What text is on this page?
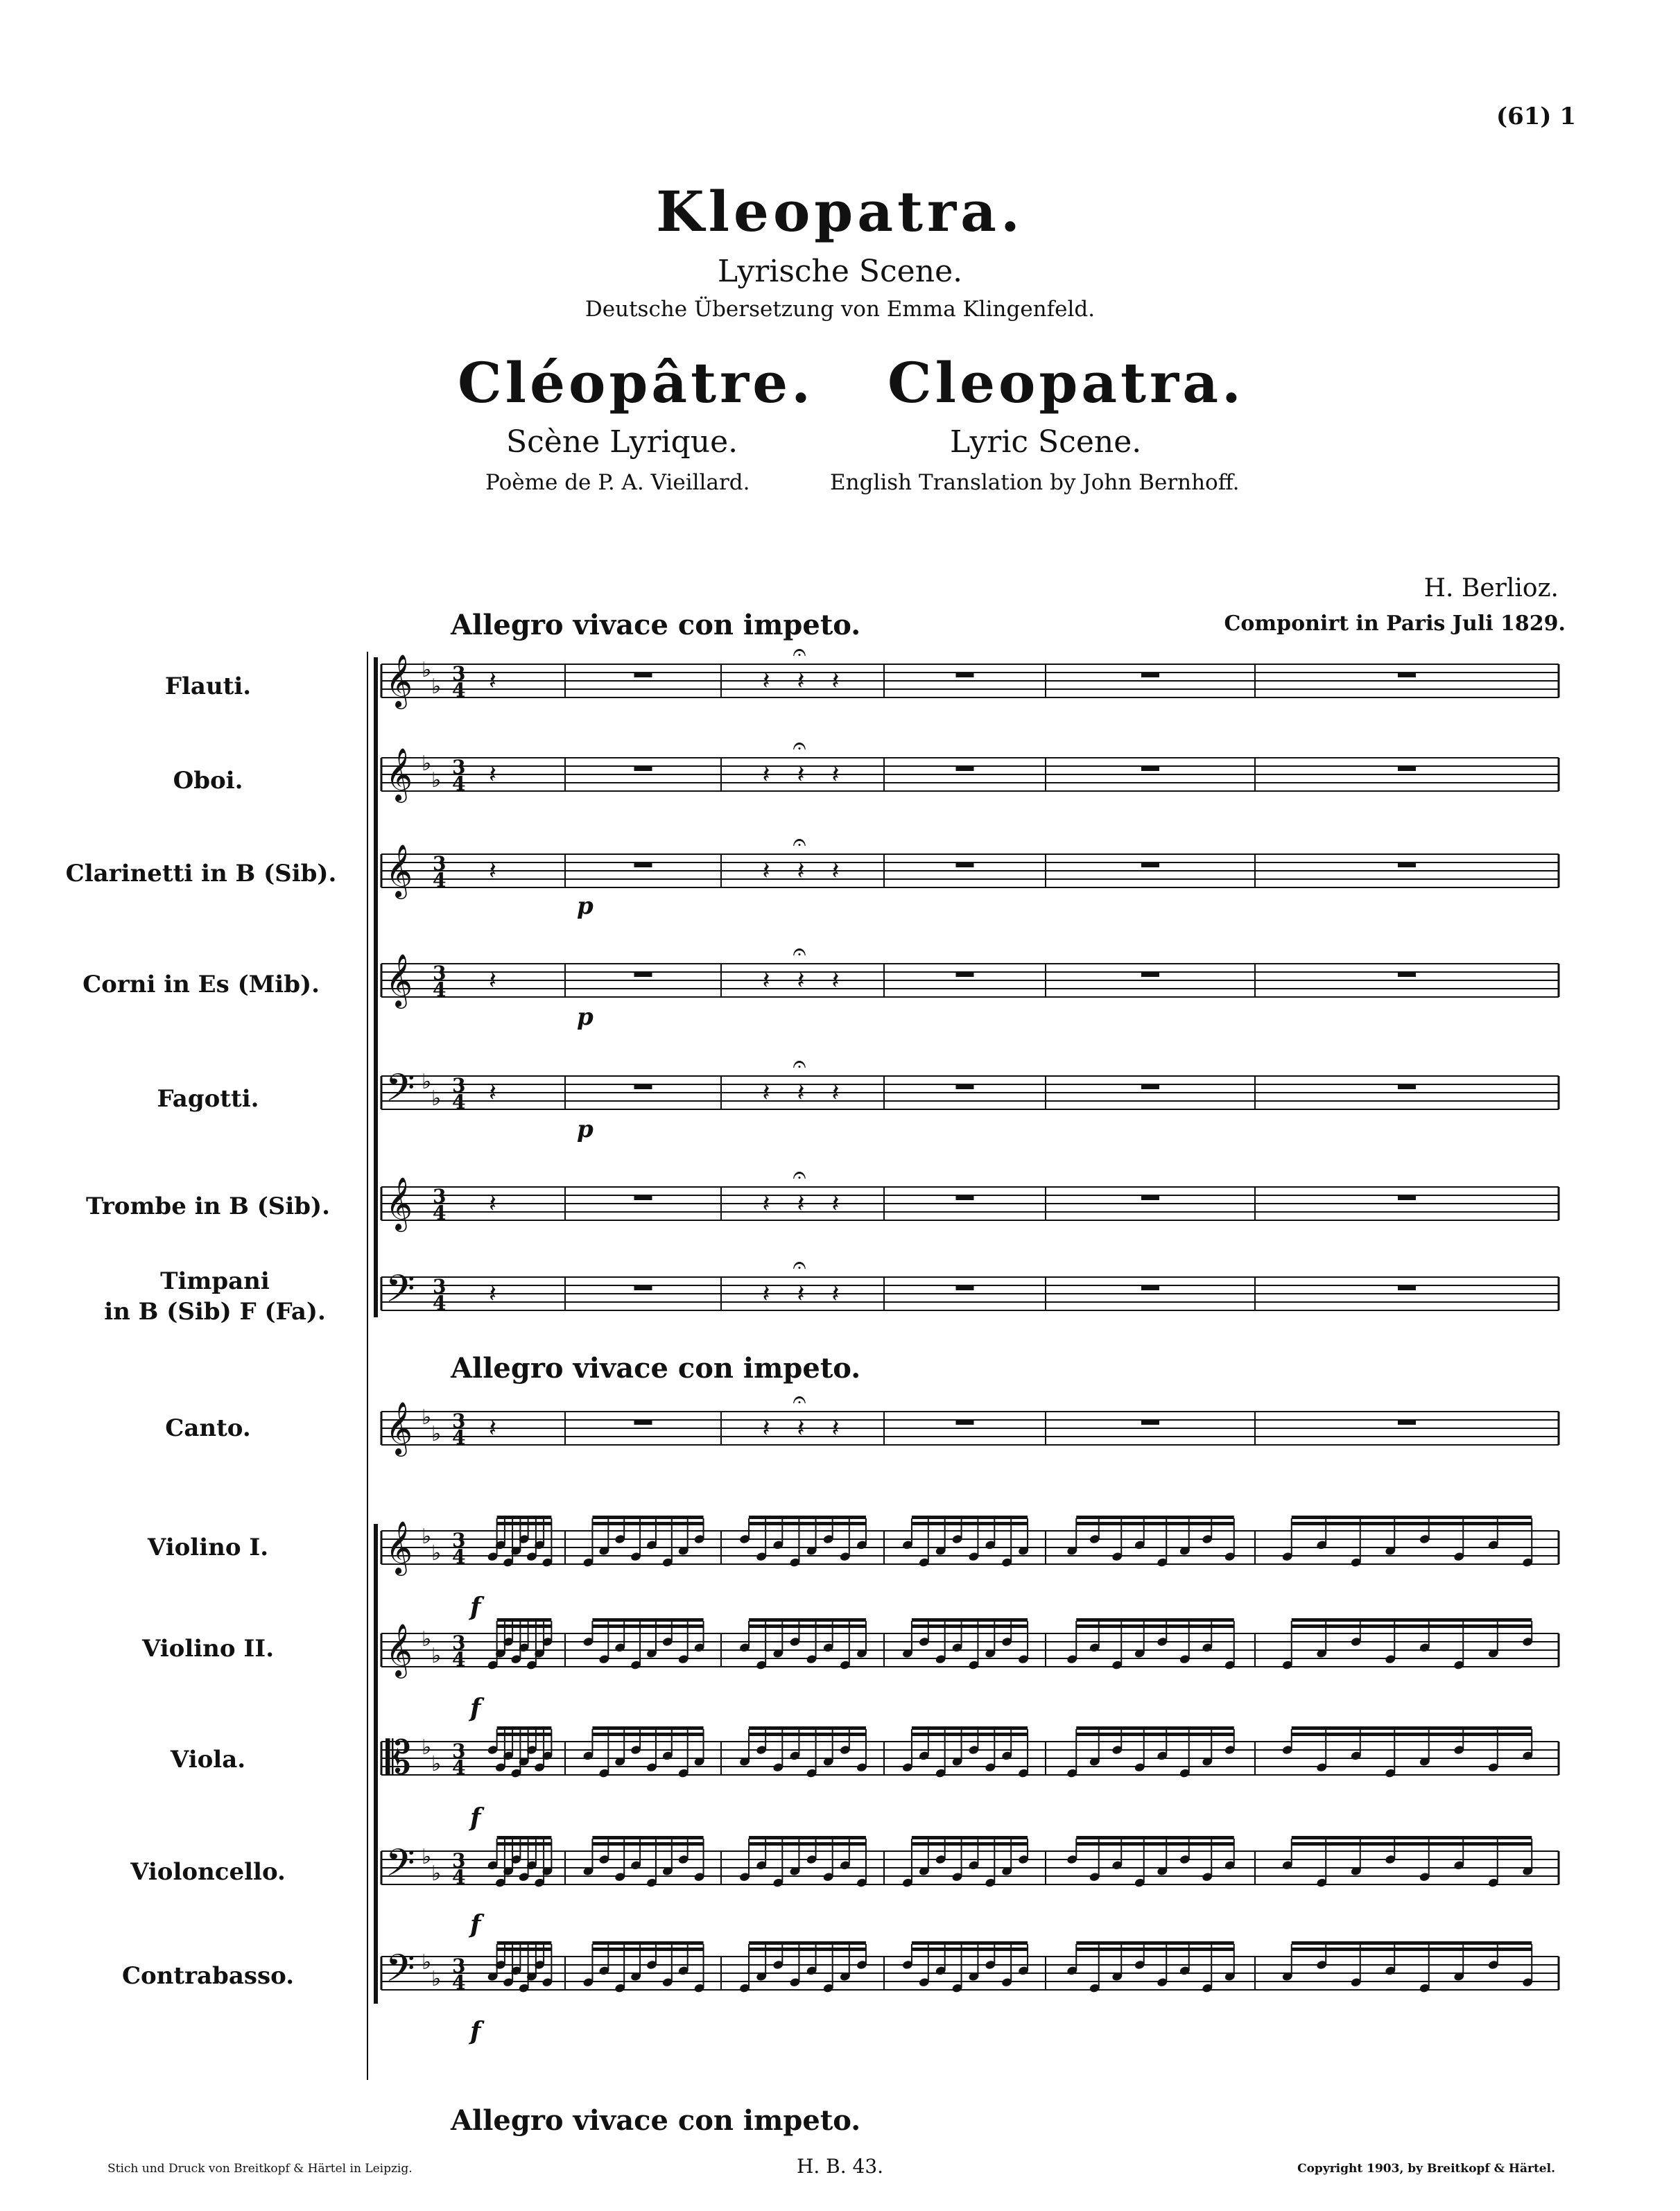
(61) 1
Kleopatra.
Lyrische Scene.
Deutsche Übersetzung von Emma Klingenfeld.
Cléopâtre. Cleopatra.
Scène Lyrique.	Lyric Scene.
Poème de P. A. Vieillard.	English Translation by John Bernhoff.
H. Berlioz.
Componirt in Paris Juli 1829.
Allegro vivace con impeto.
Allegro vivace con impeto.
Allegro vivace con impeto.
Flauti.
Oboi.
Clarinetti in B (Sib).
Corni in Es (Mib).
Fagotti.
Trombe in B (Sib).
Timpani
in B (Sib) F (Fa).
Canto.
Violino I.
Violino II.
Viola.
Violoncello.
Contrabasso.
𝄞 ♭
♭
3
4 𝄽	𝄽 𝄽 𝄽
𝄐
𝄞 ♭
♭
3
4 𝄽	𝄽 𝄽 𝄽
𝄐
𝄞 3
4 𝄽	𝄽 𝄽 𝄽
𝄐
𝄞 3
4 𝄽	𝄽 𝄽 𝄽
𝄐
𝄢 ♭
♭
3
4 𝄽	𝄽 𝄽 𝄽
𝄐
𝄞 3
4 𝄽	𝄽 𝄽 𝄽
𝄐
𝄢 3
4 𝄽	𝄽 𝄽 𝄽
𝄐
𝄞 ♭
♭
3
4 𝄽	𝄽 𝄽 𝄽
𝄐
𝄞 ♭
♭
3
4
𝄞 ♭
♭
3
4
𝄡 ♭
♭
3
4
𝄢 ♭
♭
3
4
𝄢 ♭
♭
3
4
p
p
p
f
f
f
f
f
Stich und Druck von Breitkopf & Härtel in Leipzig.	H. B. 43.	Copyright 1903, by Breitkopf & Härtel.
